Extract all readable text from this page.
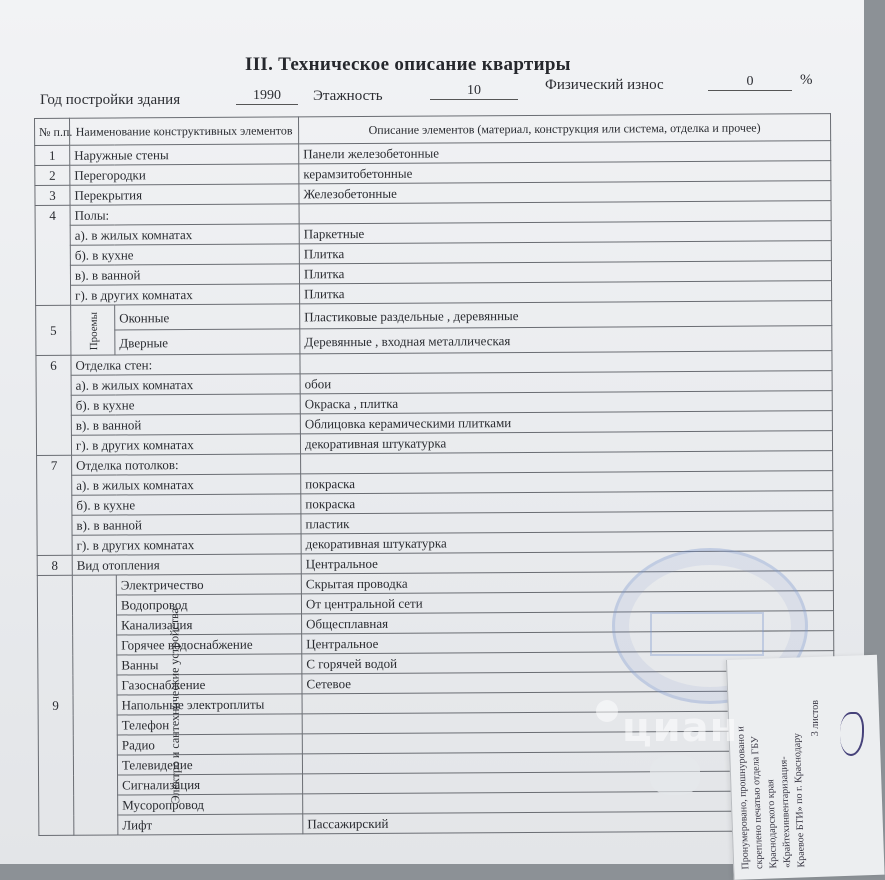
III. Техническое описание квартиры
Год постройки здания	1990	Этажность	10	Физический износ	0	%
№ п.п.	Наименование конструктивных элементов		Описание элементов (материал, конструкция или система, отделка и прочее)
1	Наружные стены		Панели железобетонные
2	Перегородки		керамзитобетонные
3	Перекрытия		Железобетонные
4	Полы:		
	а). в жилых комнатах		Паркетные
	б). в кухне		Плитка
	в). в ванной		Плитка
	г). в других комнатах		Плитка
5	Проемы	Оконные	Пластиковые раздельные , деревянные
		Дверные	Деревянные , входная металлическая
6	Отделка стен:		
	а). в жилых комнатах		обои
	б). в кухне		Окраска , плитка
	в). в ванной		Облицовка керамическими плитками
	г). в других комнатах		декоративная штукатурка
7	Отделка потолков:		
	а). в жилых комнатах		покраска
	б). в кухне		покраска
	в). в ванной		пластик
	г). в других комнатах		декоративная штукатурка
8	Вид отопления		Центральное
9	Электро и сантехнические устройства	Электричество	Скрытая проводка
		Водопровод	От центральной сети
		Канализация	Общесплавная
		Горячее водоснабжение	Центральное
		Ванны	С горячей водой
		Газоснабжение	Сетевое
		Напольные электроплиты	
		Телефон	
		Радио	
		Телевидение	
		Сигнализация	
		Мусоропровод	
		Лифт	Пассажирский	Пронумеровано, прошнуровано и
скреплено печатью отдела ГБУ Краснодарского края «Крайтехинвентаризация-
Краевое БТИ» по г. Краснодару 3 листов
циан
